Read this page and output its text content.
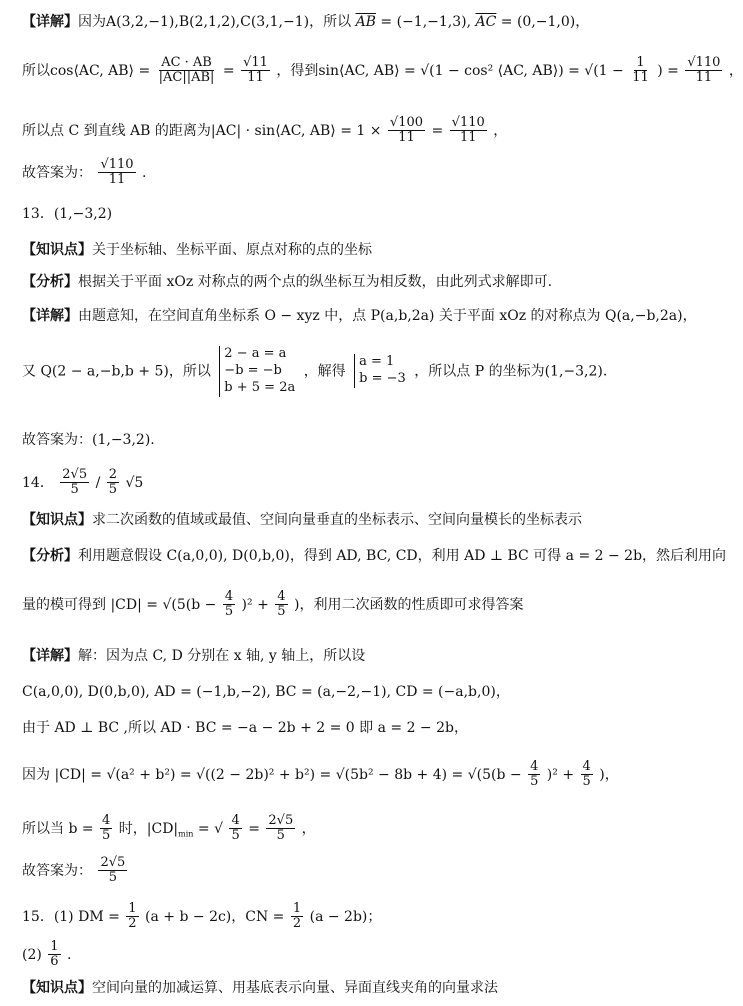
【详解】因为A(3,2,−1),B(2,1,2),C(3,1,−1)，所以 $\overline{AB} = (-1,-1,3)$, $\overline{AC} = (0,-1,0)$，
所以cos⟨AC, AB⟩ = $\frac{AC \cdot AB}{|AC||AB|} = \frac{√11}{11}$ ，得到sin⟨AC, AB⟩ = √(1 − cos² ⟨AC, AB⟩) = $√(1 - \frac{1}{11}$ ) = $\frac{√110}{11}$ ，
所以点 C 到直线 AB 的距离为|AC| · sin⟨AC, AB⟩ = $1 \times \frac{√100}{11} = \frac{√110}{11}$ ，
故答案为： $\frac{√110}{11}$ .
13．(1,−3,2)
【知识点】关于坐标轴、坐标平面、原点对称的点的坐标
【分析】根据关于平面 xOz 对称点的两个点的纵坐标互为相反数，由此列式求解即可.
【详解】由题意知，在空间直角坐标系 O − xyz 中，点 P(a,b,2a) 关于平面 xOz 的对称点为 Q(a,−b,2a)，
又 Q(2 − a,−b,b + 5)，所以
2 − a = a
−b = −b
b + 5 = 2a
，解得
a = 1
b = −3 ，所以点 P 的坐标为(1,−3,2).
故答案为：(1,−3,2).
14． $\frac{2√5}{5} / \frac{2}{5} √5$
【知识点】求二次函数的值域或最值、空间向量垂直的坐标表示、空间向量模长的坐标表示
【分析】利用题意假设 C(a,0,0), D(0,b,0)，得到 AD, BC, CD，利用 AD ⊥ BC 可得 a = 2 − 2b，然后利用向
量的模可得到 $|CD| = √(5(b - \frac{4}{5} )^2 + \frac{4}{5}$ )，利用二次函数的性质即可求得答案
【详解】解：因为点 C, D 分别在 x 轴, y 轴上，所以设
C(a,0,0), D(0,b,0), AD = (−1,b,−2), BC = (a,−2,−1), CD = (−a,b,0)，
由于 AD ⊥ BC ,所以 AD · BC = −a − 2b + 2 = 0 即 a = 2 − 2b，
因为 $|CD| = √(a^2 + b^2) = √((2 - 2b)^2 + b^2) = √(5b^2 - 8b + 4) = √(5(b - \frac{4}{5} )^2 + \frac{4}{5}$ )，
所以当 $b = \frac{4}{5}$ 时，$|CD|_{min}$ = √ $\frac{4}{5} = \frac{2√5}{5}$ ，
故答案为： $\frac{2√5}{5}$
15．(1) DM = $\frac{1}{2} (a + b - 2c)$，CN = $\frac{1}{2} (a - 2b)$；
$(2) \frac{1}{6}$ .
【知识点】空间向量的加减运算、用基底表示向量、异面直线夹角的向量求法
